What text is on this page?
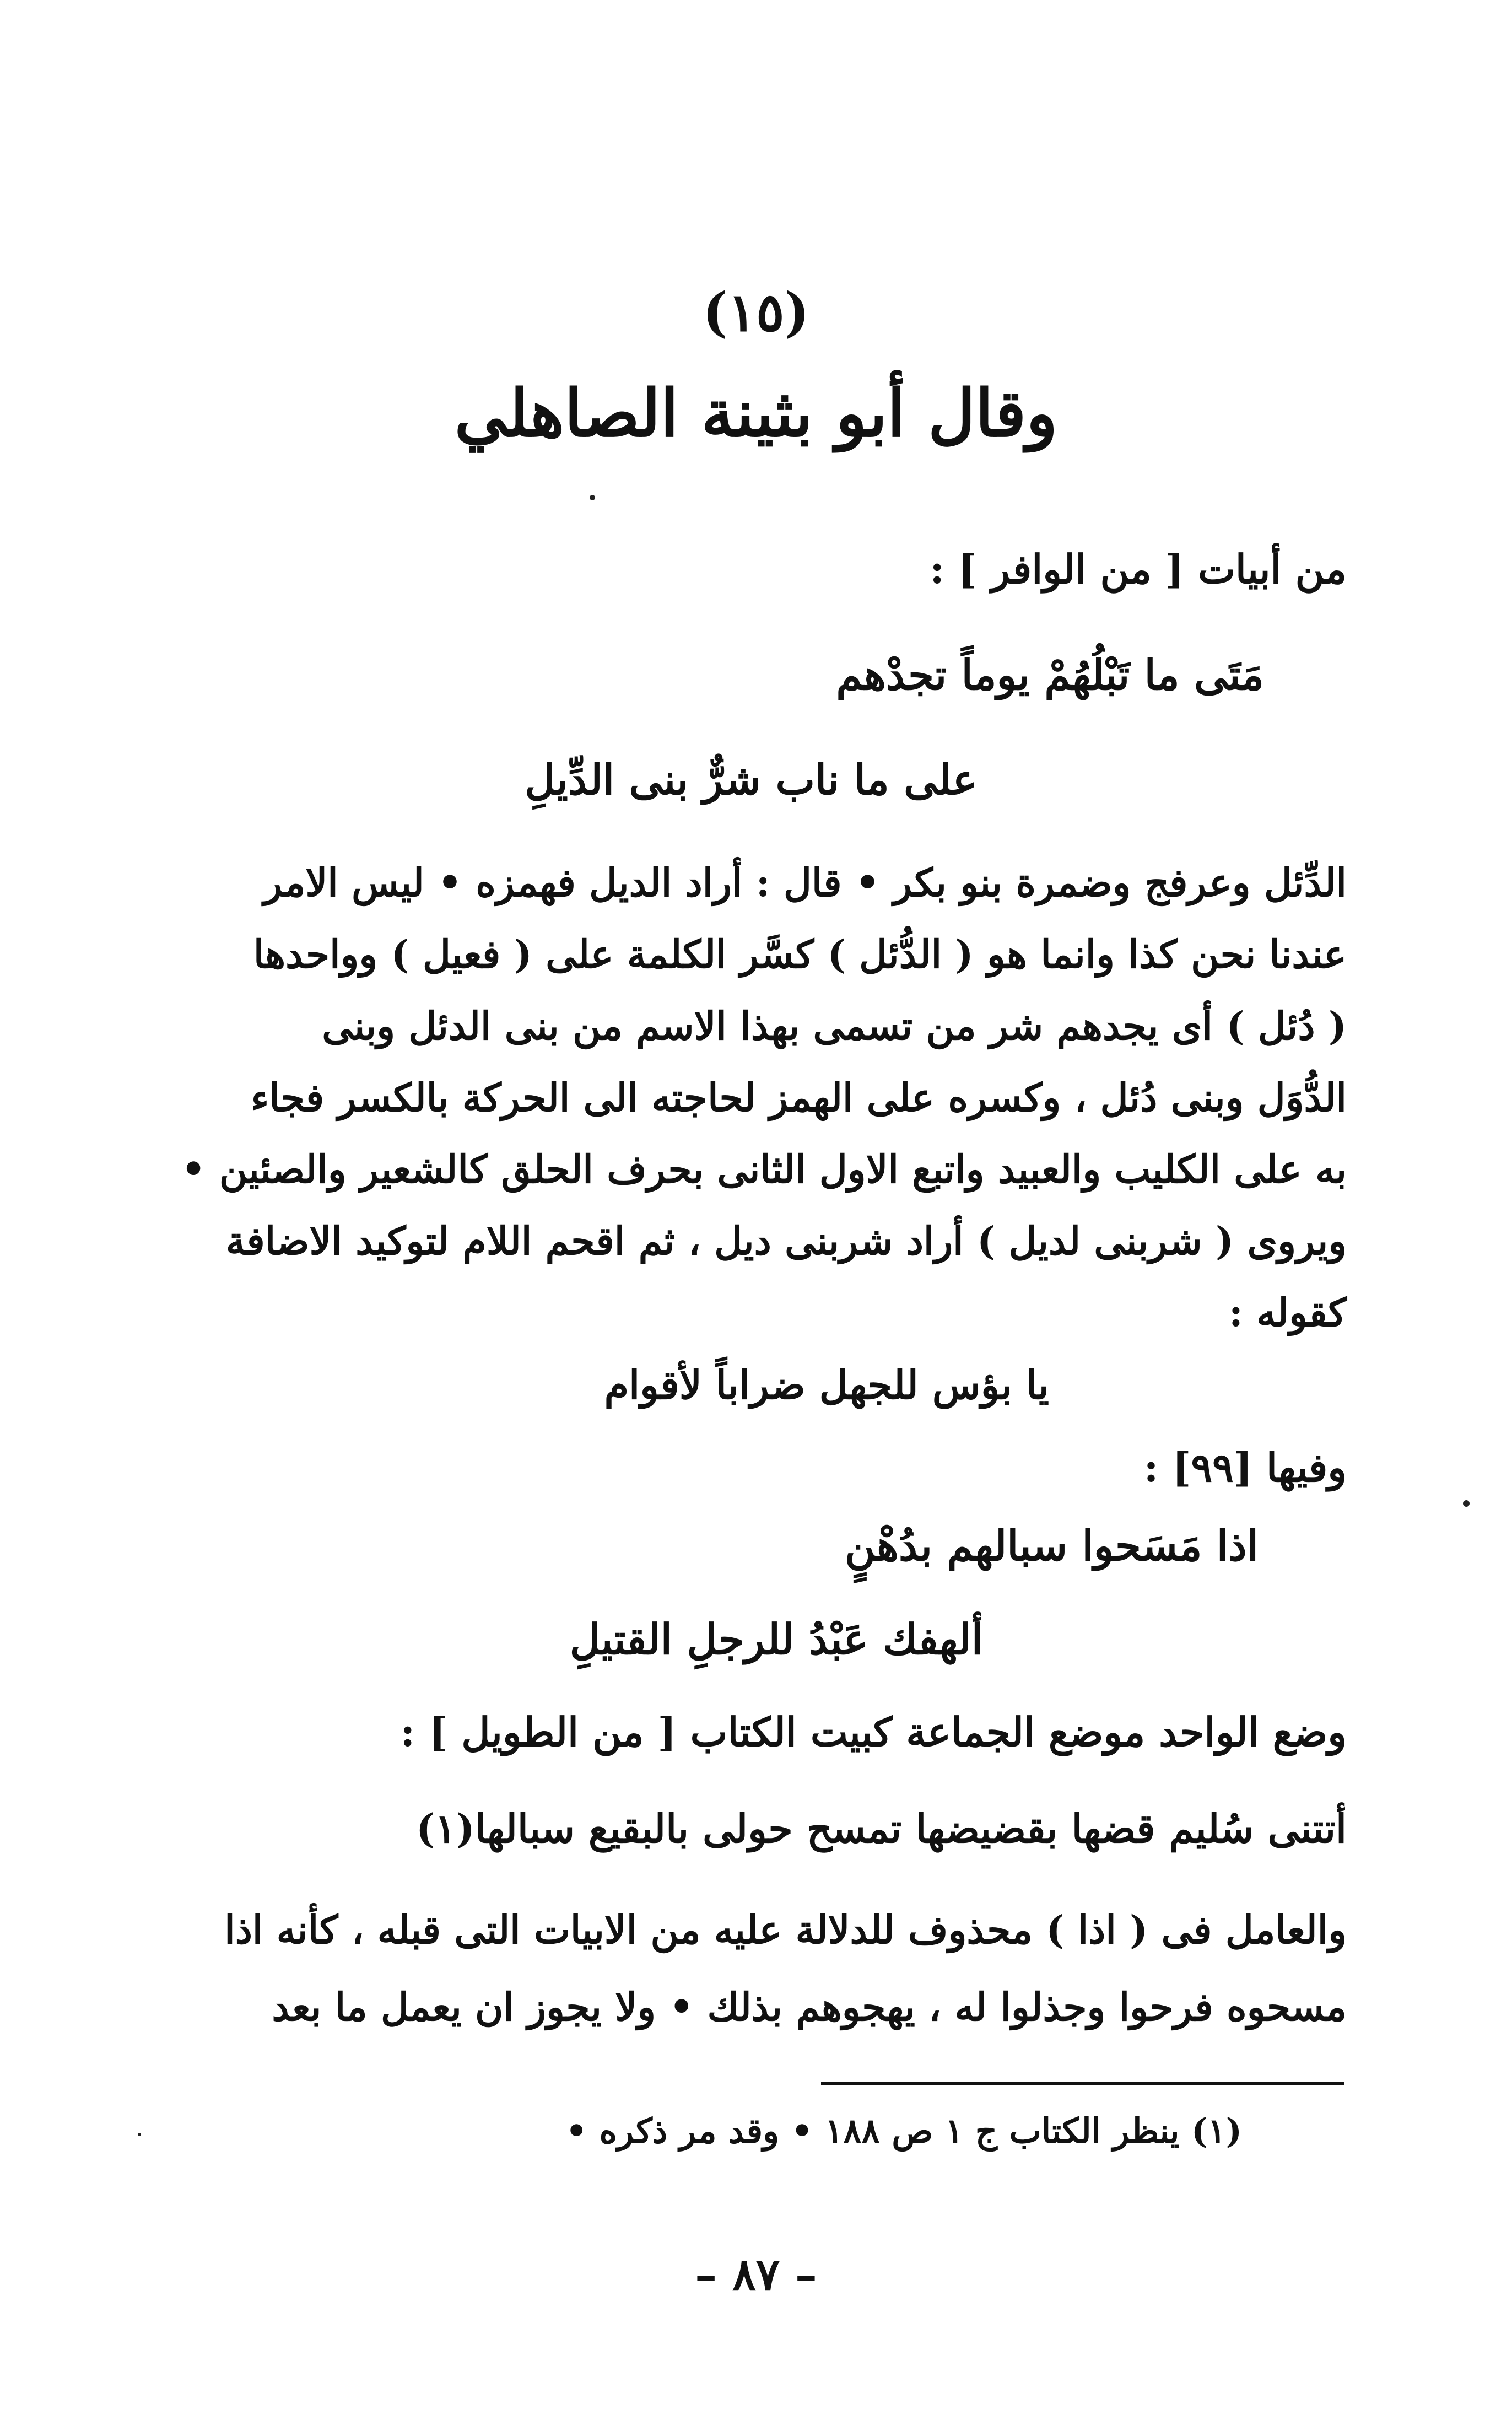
(١٥)
وقال أبو بثينة الصاهلي
من أبيات [ من الوافر ] :
مَتَى ما تَبْلُهُمْ يوماً تجدْهم
على ما ناب شرٌّ بنى الدِّيلِ
الدِّئل وعرفج وضمرة بنو بكر • قال : أراد الديل فهمزه • ليس الامر
عندنا نحن كذا وانما هو ( الدُّئل ) كسَّر الكلمة على ( فعيل ) وواحدها
( دُئل ) أى يجدهم شر من تسمى بهذا الاسم من بنى الدئل وبنى
الدُّوَل وبنى دُئل ، وكسره على الهمز لحاجته الى الحركة بالكسر فجاء
به على الكليب والعبيد واتبع الاول الثانى بحرف الحلق كالشعير والصئين •
ويروى ( شربنى لديل ) أراد شربنى ديل ، ثم اقحم اللام لتوكيد الاضافة
كقوله :
يا بؤس للجهل ضراباً لأقوام
وفيها [٩٩] :
اذا مَسَحوا سبالهم بدُهْنٍ
ألهفك عَبْدُ للرجلِ القتيلِ
وضع الواحد موضع الجماعة كبيت الكتاب [ من الطويل ] :
أتتنى سُليم قضها بقضيضها تمسح حولى بالبقيع سبالها(١)
والعامل فى ( اذا ) محذوف للدلالة عليه من الابيات التى قبله ، كأنه اذا
مسحوه فرحوا وجذلوا له ، يهجوهم بذلك • ولا يجوز ان يعمل ما بعد
(١) ينظر الكتاب ج ١ ص ١٨٨ • وقد مر ذكره •
– ٨٧ –
